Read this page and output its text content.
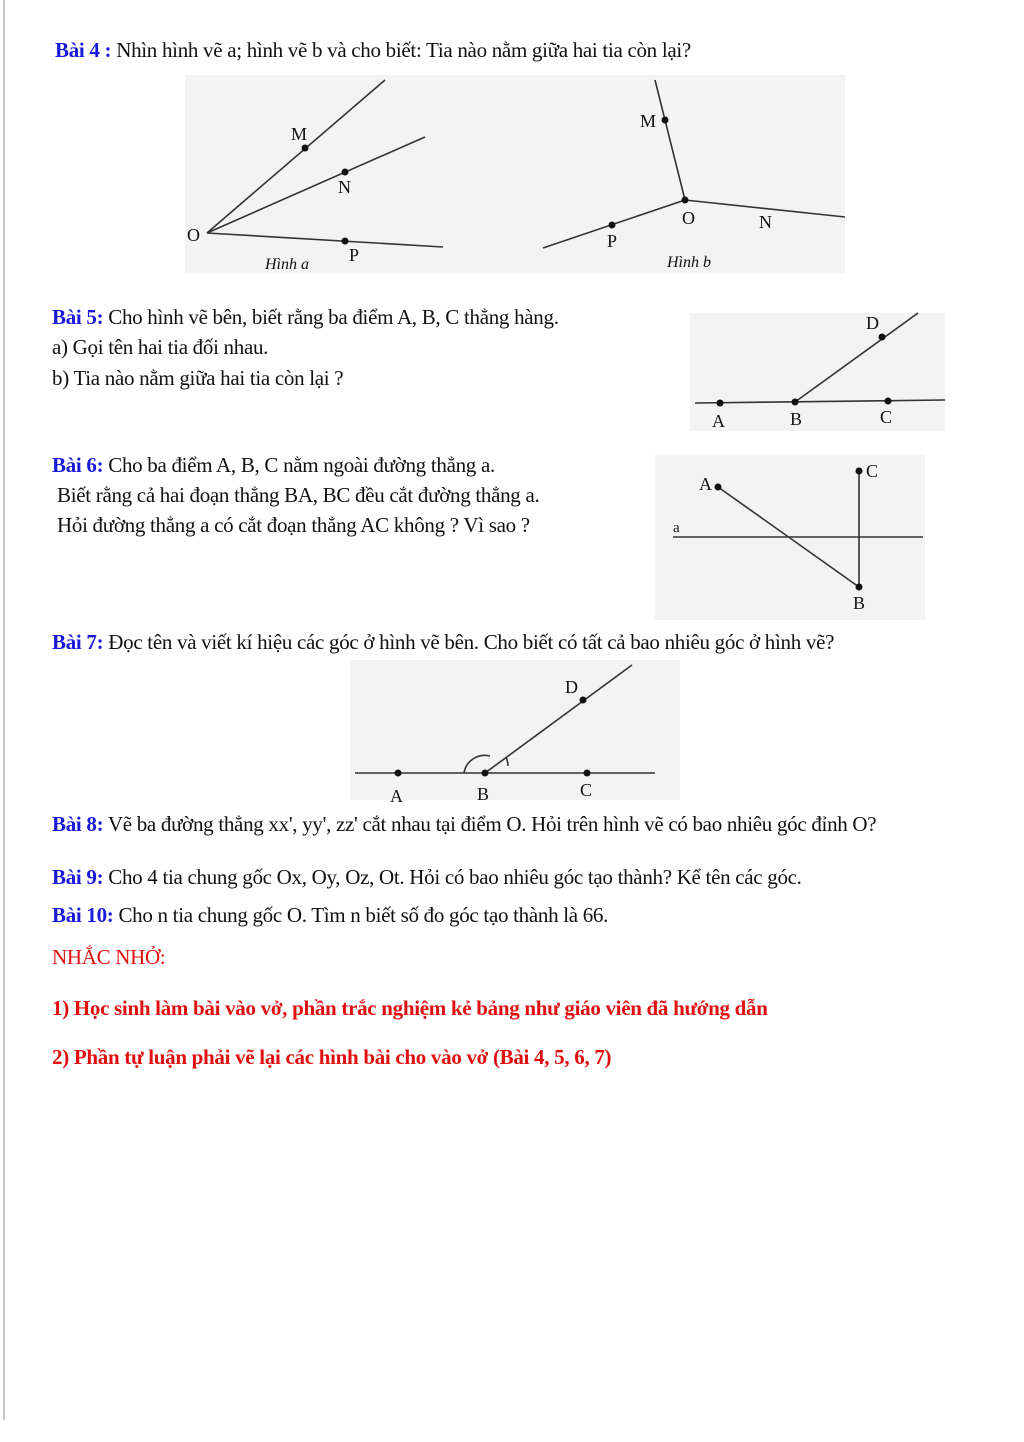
Bài 4 : Nhìn hình vẽ a; hình vẽ b và cho biết: Tia nào nằm giữa hai tia còn lại?
O
M
N
P
Hình a
M
O	N
P
Hình b
Bài 5: Cho hình vẽ bên, biết rằng ba điểm A, B, C thẳng hàng.
a) Gọi tên hai tia đối nhau.
b) Tia nào nằm giữa hai tia còn lại ?
A	B	C
D
Bài 6: Cho ba điểm A, B, C nằm ngoài đường thẳng a.
Biết rằng cả hai đoạn thẳng BA, BC đều cắt đường thẳng a.
Hỏi đường thẳng a có cắt đoạn thẳng AC không ? Vì sao ?
A
B
C
a
Bài 7: Đọc tên và viết kí hiệu các góc ở hình vẽ bên. Cho biết có tất cả bao nhiêu góc ở hình vẽ?
A	B	C
D
Bài 8: Vẽ ba đường thẳng xx', yy', zz' cắt nhau tại điểm O. Hỏi trên hình vẽ có bao nhiêu góc đỉnh O?
Bài 9: Cho 4 tia chung gốc Ox, Oy, Oz, Ot. Hỏi có bao nhiêu góc tạo thành? Kể tên các góc.
Bài 10: Cho n tia chung gốc O. Tìm n biết số đo góc tạo thành là 66.
NHẮC NHỞ:
1) Học sinh làm bài vào vở, phần trắc nghiệm kẻ bảng như giáo viên đã hướng dẫn
2) Phần tự luận phải vẽ lại các hình bài cho vào vở (Bài 4, 5, 6, 7)
